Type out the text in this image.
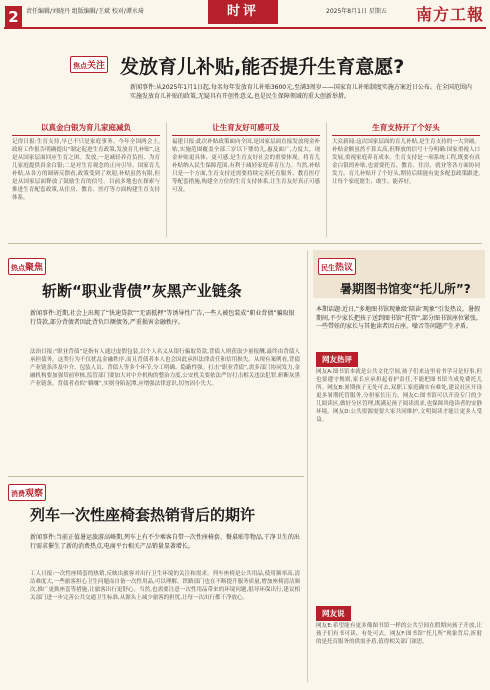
2	责任编辑/刘晓丹 组版编辑/王斌 校对/谭水琦	时评	2025年8月1日 星期五 南方工報
焦点关注 发放育儿补贴,能否提升生育意愿?
新闻事件:从2025年1月1日起,每名每年发放育儿补贴3600元,至满3周岁——国家育儿补贴制度实施方案近日公布。在全国范围内实施发放育儿补贴的政策,无疑具有开创性意义,也是民生保障领域的重大创新举措。
以真金白银为育儿家庭减负
记得日报:生育支持,早已不只是家庭事务。今年全国两会上,政府工作报告明确提出“制定促进生育政策,发放育儿补贴”,这是从国家层面回应生育之困。发放,一是减轻养育负担、为育儿家庭提供真金白银;二是对生育观念的正向引导。国家育儿补贴,从各方的调研反馈看,政策受到了欢迎,补贴虽然有限,但是从国家层面释放了鼓励生育的信号。目前多地也在探索与推进生育配套政策,从住房、教育、医疗等方面构建生育支持体系。
让生育友好可感可及
福建日报:此次补贴政策面向全国,是国家层面直接发放现金补贴,实施范围覆盖全部三岁以下婴幼儿,惠及面广,力度大。现金补贴更具体、更可感,是生育友好社会的重要体现。将育儿补贴纳入民生保障范围,有利于减轻家庭养育压力。当然,补贴只是一个方面,生育支持还需要持续完善托育服务、教育医疗等配套措施,构建全方位的生育支持体系,让生育友好真正可感可及。
生育支持开了个好头
大众新闻:这次国家层面的育儿补贴,是生育支持的一大突破。补贴金额虽然不算太高,但释放的信号十分明确:国家重视人口发展,重视家庭养育成本。生育支持是一项系统工程,既要有真金白银的补贴,也需要托育、教育、住房、就业等各方面协同发力。育儿补贴开了个好头,期待后续能有更多配套政策跟进,让每个家庭愿生、敢生、能养好。
热点聚焦
斩断“职业背债”灰黑产业链条
新闻事件:近期,社会上出现了“快速贷款”“无需抵押”等诱导性广告,一些人被包装成“职业背债”骗取银行贷款,部分背债者因此背负巨额债务,严重损害金融秩序。
法治日报:“职业背债”是指有人通过虚假包装,以个人名义从银行骗取贷款,背债人则获取少量报酬,最终由背债人承担债务。这类行为不仅扰乱金融秩序,而且背债者本人也会因此承担法律责任和信用损失。从现有案例看,背债产业链条涉及中介、包装人员、背债人等多个环节,分工明确、隐蔽性强。打击“职业背债”,需多部门协同发力,金融机构要加强贷前审核,监管部门要加大对中介机构的整治力度,公安机关要依法严厉打击相关违法犯罪,斩断灰黑产业链条。背债者看似“躺赚”,实则身陷泥潭,应增强法律意识,切勿因小失大。
民生热议
暑期图书馆变“托儿所”?
本期话题:近日,“多地图书馆现象级‘陪读’现象”引发热议。暑假期间,不少家长把孩子送到图书馆“托管”,部分图书馆座位紧张,一些带娃的家长与其他读者因占座、噪音等问题产生矛盾。
网友热评
网友A:图书馆本就是公共文化空间,孩子们来这里看书学习是好事,但也要遵守规则,家长应承担起看护责任,不能把图书馆当成免费托儿所。网友B:暑期孩子无处可去,双职工家庭确实有难处,建议社区开设更多暑期托管服务,分担家长压力。网友C:图书馆可以开设专门的少儿阅读区,做好分区管理,既满足孩子阅读需求,也保障其他读者的安静环境。网友D:公共资源需要大家共同维护,文明阅读才能让更多人受益。
网友说
网友E:希望能有更多像图书馆一样的公共空间在假期向孩子开放,让孩子们有书可读、有处可去。网友F:图书馆“托儿所”现象背后,折射的是托育服务的供需矛盾,值得相关部门深思。
消费观察
列车一次性座椅套热销背后的期许
新闻事件:当前正值暑运旅游高峰期,列车上有不少乘客自带一次性座椅套、餐桌贴等物品,干净卫生的出行需求催生了新的消费热点,电商平台相关产品销量显著增长。
工人日报:一次性座椅套的热销,反映出旅客对出行卫生环境的关注和需求。列车座椅是公共用品,使用频率高,清洁难度大,一些旅客担心卫生问题而自备一次性用品,可以理解。铁路部门也在不断提升服务质量,增加座椅清洁频次,推广更换座套等措施,让旅客出行更舒心。当然,也需要注意一次性用品带来的环境问题,倡导环保出行,建议相关部门进一步完善公共交通卫生标准,从源头上减少旅客的担忧,让每一次出行都干净放心。
